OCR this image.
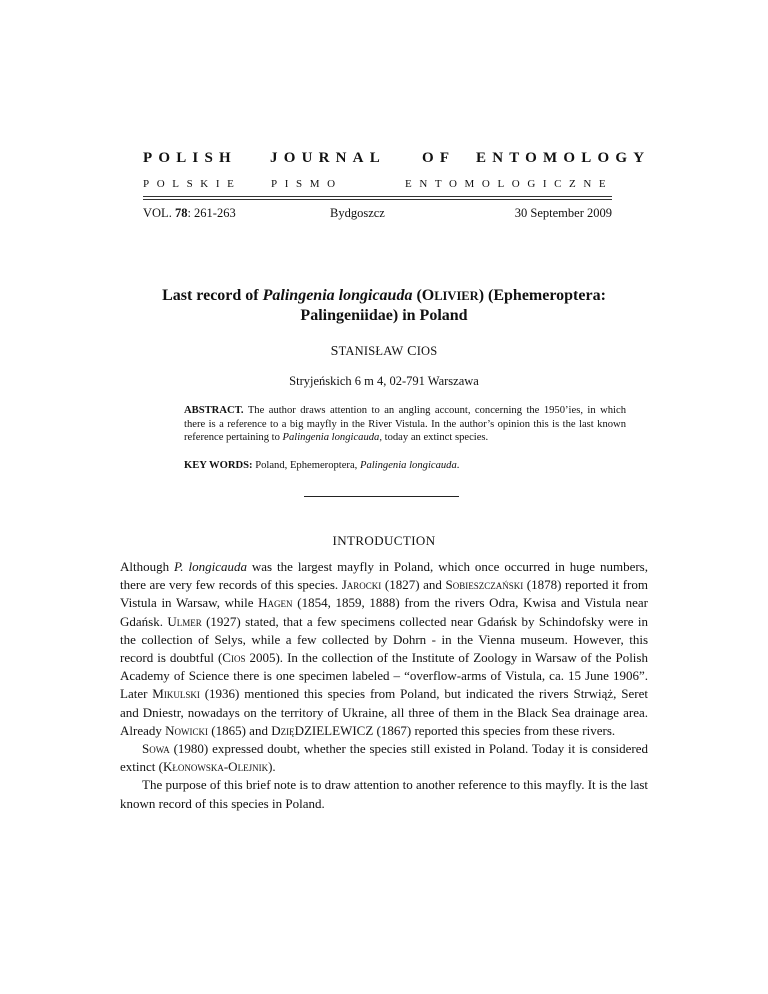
POLISH JOURNAL OF ENTOMOLOGY
POLSKIE	PISMO	ENTOMOLOGICZNE
VOL. 78: 261-263	Bydgoszcz	30 September 2009
Last record of Palingenia longicauda (OLIVIER) (Ephemeroptera: Palingeniidae) in Poland
STANISŁAW CIOS
Stryjeńskich 6 m 4, 02-791 Warszawa
ABSTRACT. The author draws attention to an angling account, concerning the 1950’ies, in which there is a reference to a big mayfly in the River Vistula. In the author’s opinion this is the last known reference pertaining to Palingenia longicauda, today an extinct species.
KEY WORDS: Poland, Ephemeroptera, Palingenia longicauda.
INTRODUCTION

Although P. longicauda was the largest mayfly in Poland, which once occurred in huge numbers, there are very few records of this species. Jarocki (1827) and Sobieszczański (1878) reported it from Vistula in Warsaw, while Hagen (1854, 1859, 1888) from the rivers Odra, Kwisa and Vistula near Gdańsk. Ulmer (1927) stated, that a few specimens collected near Gdańsk by Schindofsky were in the collection of Selys, while a few collected by Dohrn - in the Vienna museum. However, this record is doubtful (Cios 2005). In the collection of the Institute of Zoology in Warsaw of the Polish Academy of Science there is one specimen labeled – “overflow-arms of Vistula, ca. 15 June 1906”. Later Mikulski (1936) mentioned this species from Poland, but indicated the rivers Strwiąż, Seret and Dniestr, nowadays on the territory of Ukraine, all three of them in the Black Sea drainage area. Already Nowicki (1865) and DzięDZIELEWICZ (1867) reported this species from these rivers.

Sowa (1980) expressed doubt, whether the species still existed in Poland. Today it is considered extinct (Kłonowska-Olejnik).

The purpose of this brief note is to draw attention to another reference to this mayfly. It is the last known record of this species in Poland.
